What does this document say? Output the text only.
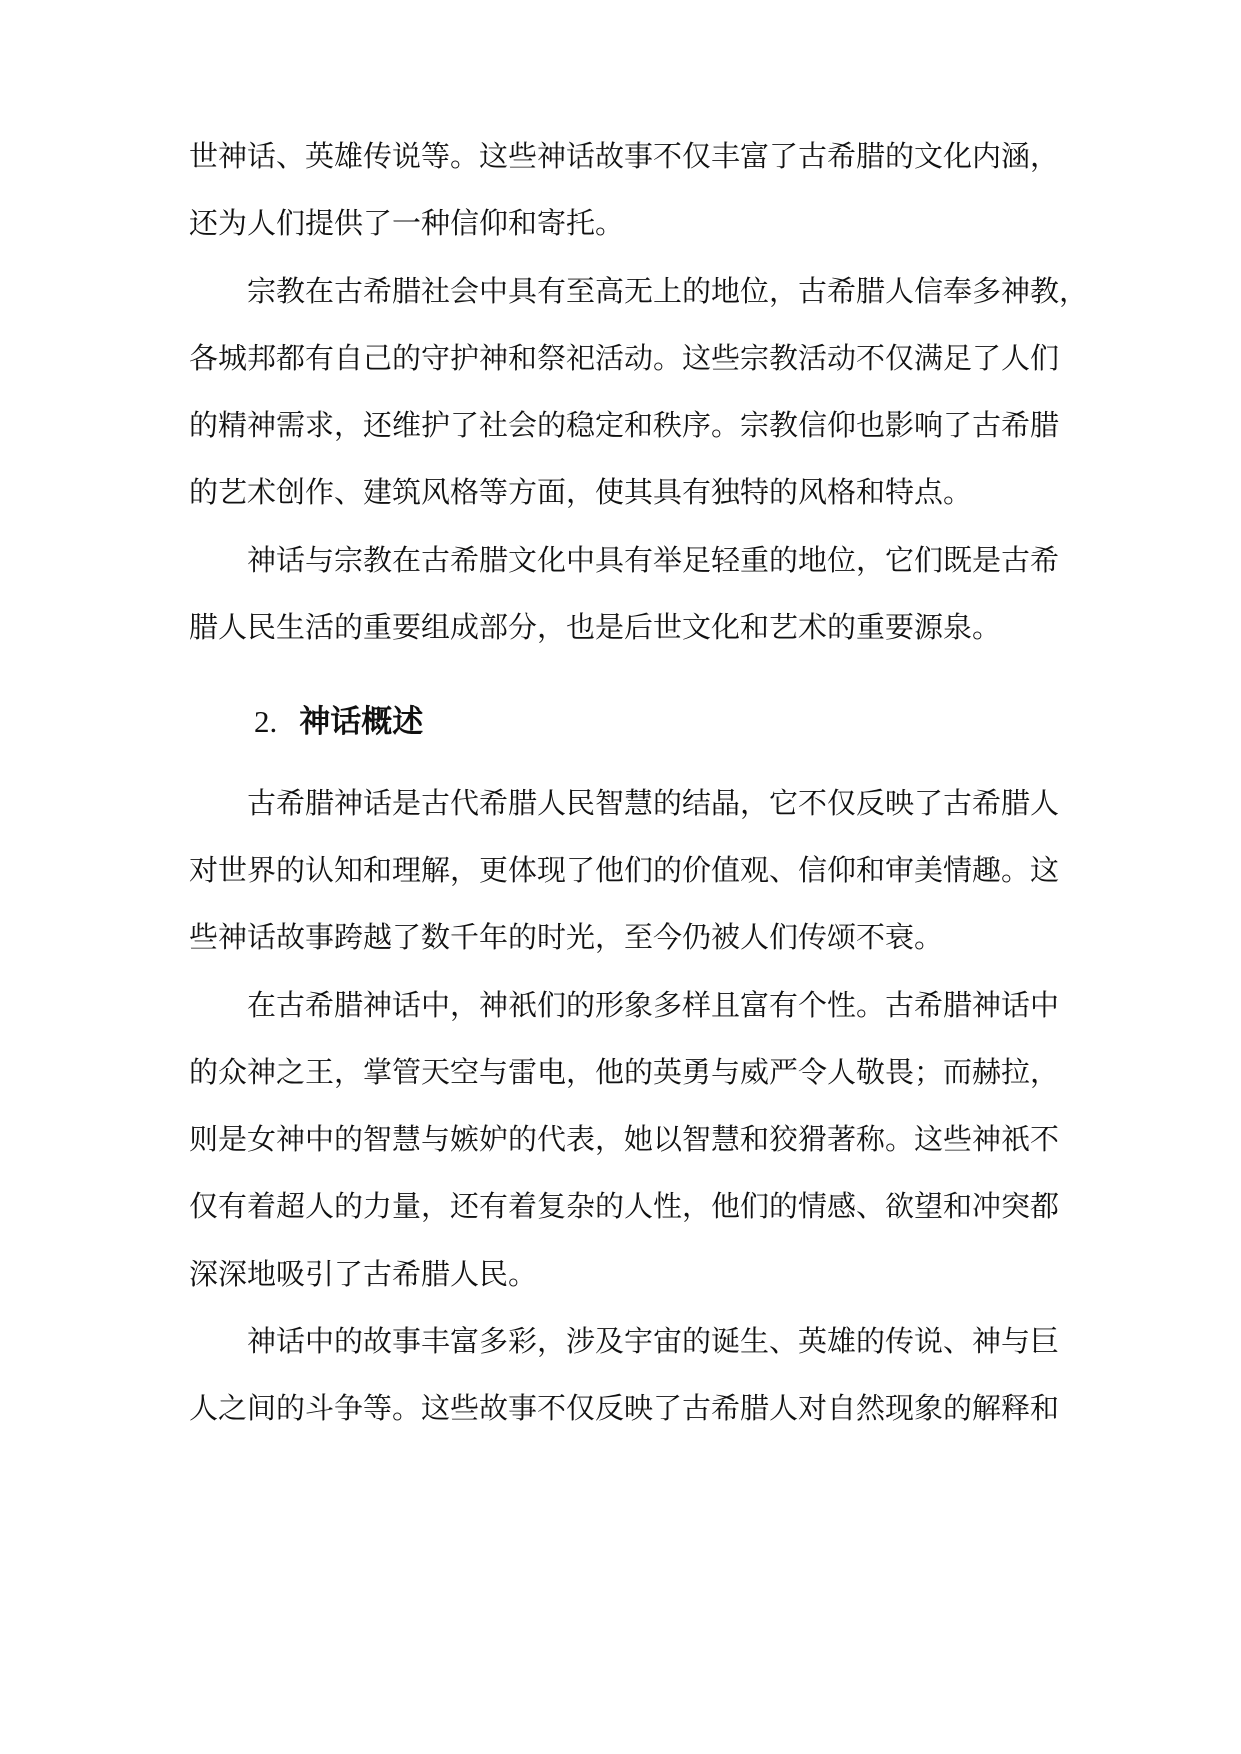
世神话、英雄传说等。这些神话故事不仅丰富了古希腊的文化内涵，
还为人们提供了一种信仰和寄托。
宗教在古希腊社会中具有至高无上的地位，古希腊人信奉多神教，
各城邦都有自己的守护神和祭祀活动。这些宗教活动不仅满足了人们
的精神需求，还维护了社会的稳定和秩序。宗教信仰也影响了古希腊
的艺术创作、建筑风格等方面，使其具有独特的风格和特点。
神话与宗教在古希腊文化中具有举足轻重的地位，它们既是古希
腊人民生活的重要组成部分，也是后世文化和艺术的重要源泉。
2. 神话概述
古希腊神话是古代希腊人民智慧的结晶，它不仅反映了古希腊人
对世界的认知和理解，更体现了他们的价值观、信仰和审美情趣。这
些神话故事跨越了数千年的时光，至今仍被人们传颂不衰。
在古希腊神话中，神祇们的形象多样且富有个性。古希腊神话中
的众神之王，掌管天空与雷电，他的英勇与威严令人敬畏；而赫拉，
则是女神中的智慧与嫉妒的代表，她以智慧和狡猾著称。这些神祇不
仅有着超人的力量，还有着复杂的人性，他们的情感、欲望和冲突都
深深地吸引了古希腊人民。
神话中的故事丰富多彩，涉及宇宙的诞生、英雄的传说、神与巨
人之间的斗争等。这些故事不仅反映了古希腊人对自然现象的解释和
